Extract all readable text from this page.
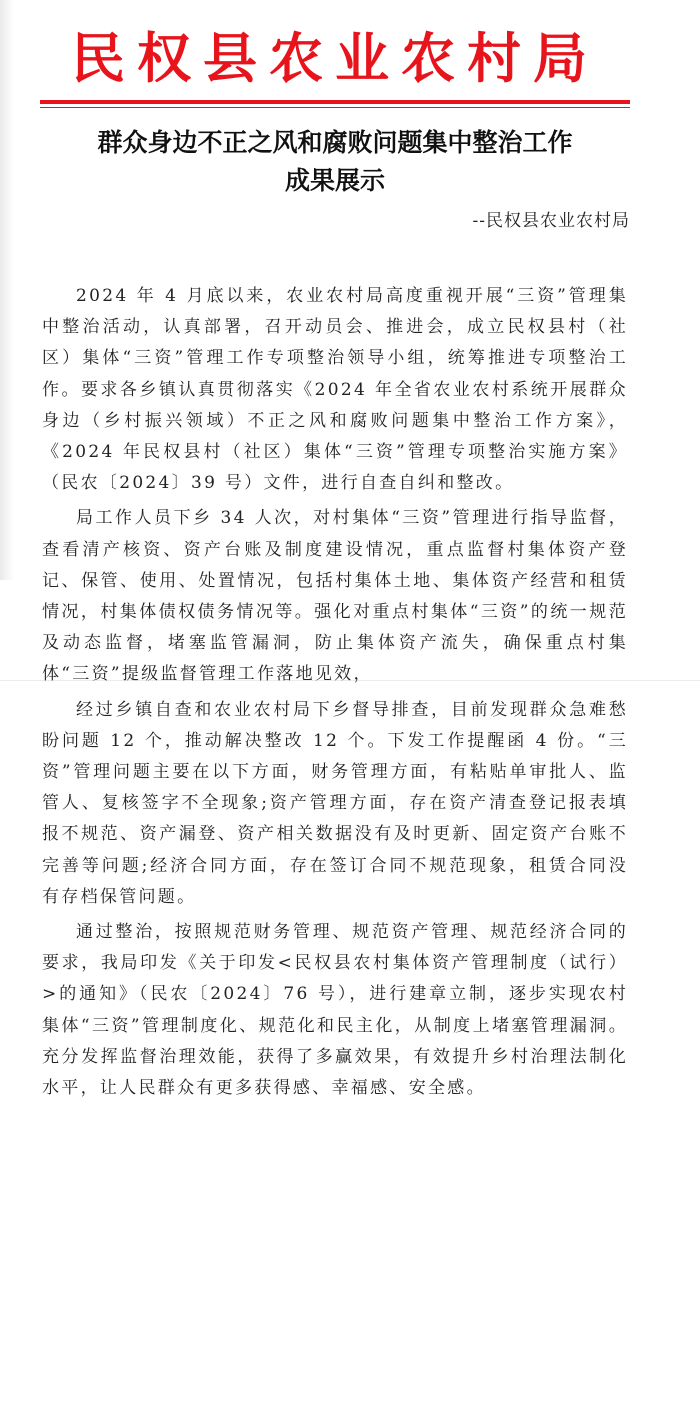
民权县农业农村局
群众身边不正之风和腐败问题集中整治工作
成果展示
--民权县农业农村局

2024 年 4 月底以来，农业农村局高度重视开展“三资”管理集中整治活动，认真部署，召开动员会、推进会，成立民权县村（社区）集体“三资”管理工作专项整治领导小组，统筹推进专项整治工作。要求各乡镇认真贯彻落实《2024 年全省农业农村系统开展群众身边（乡村振兴领域）不正之风和腐败问题集中整治工作方案》，《2024 年民权县村（社区）集体“三资”管理专项整治实施方案》（民农〔2024〕39 号）文件，进行自查自纠和整改。

局工作人员下乡 34 人次，对村集体“三资”管理进行指导监督，查看清产核资、资产台账及制度建设情况，重点监督村集体资产登记、保管、使用、处置情况，包括村集体土地、集体资产经营和租赁情况，村集体债权债务情况等。强化对重点村集体“三资”的统一规范及动态监督，堵塞监管漏洞，防止集体资产流失，确保重点村集体“三资”提级监督管理工作落地见效，

经过乡镇自查和农业农村局下乡督导排查，目前发现群众急难愁盼问题 12 个，推动解决整改 12 个。下发工作提醒函 4 份。“三资”管理问题主要在以下方面，财务管理方面，有粘贴单审批人、监管人、复核签字不全现象;资产管理方面，存在资产清查登记报表填报不规范、资产漏登、资产相关数据没有及时更新、固定资产台账不完善等问题;经济合同方面，存在签订合同不规范现象，租赁合同没有存档保管问题。

通过整治，按照规范财务管理、规范资产管理、规范经济合同的要求，我局印发《关于印发<民权县农村集体资产管理制度（试行）>的通知》（民农〔2024〕76 号），进行建章立制，逐步实现农村集体“三资”管理制度化、规范化和民主化，从制度上堵塞管理漏洞。充分发挥监督治理效能，获得了多赢效果，有效提升乡村治理法制化水平，让人民群众有更多获得感、幸福感、安全感。
